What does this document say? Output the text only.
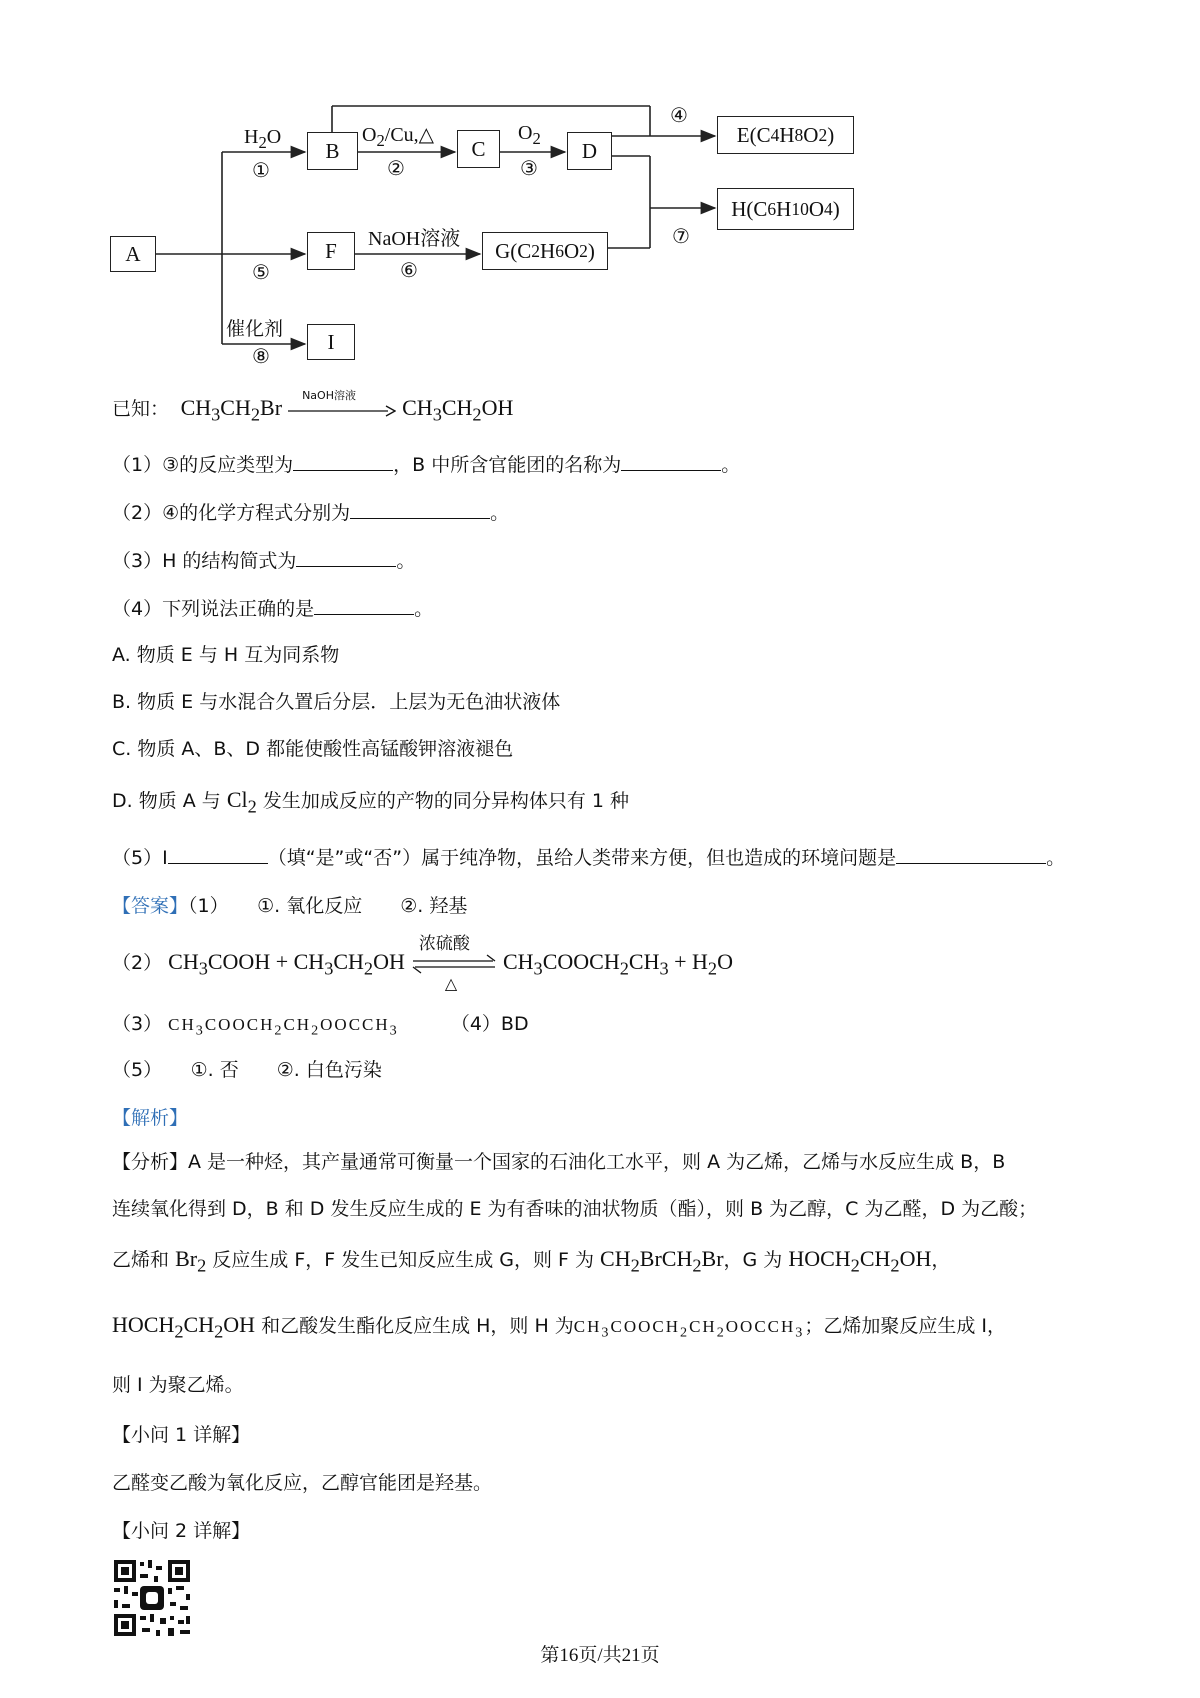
A
B	C	D
E(C 4 H 8 O 2 )
F	G(C 2 H 6 O 2 )
H(C 6 H 10 O 4 )
I
$H_2O$
①
$O_2/Cu,\triangle$
②
$O_2$
③
④
⑤
NaOH溶液
⑥
⑦
催化剂
⑧
已知：  $CH_3CH_2Br$ NaOH溶液 $CH_3CH_2OH$
（1）③的反应类型为	，B 中所含官能团的名称为	。
（2）④的化学方程式分别为	。
（3）H 的结构简式为	。
（4）下列说法正确的是	。
A. 物质 E 与 H 互为同系物
B. 物质 E 与水混合久置后分层．上层为无色油状液体
C. 物质 A、B、D 都能使酸性高锰酸钾溶液褪色
D. 物质 A 与 $Cl_2$ 发生加成反应的产物的同分异构体只有 1 种
（5）I	（填“是”或“否”）属于纯净物，虽给人类带来方便，但也造成的环境问题是	。
【答案】（1）　　①. 氧化反应　　②. 羟基
（2） $CH_3COOH + CH_3CH_2OH$
浓硫酸
△
$CH_3COOCH_2CH_3 + H_2O$
（3） $CH_3COOCH_2CH_2OOCCH_3$	（4）BD
（5）　　①. 否　　②. 白色污染
【解析】
【分析】A 是一种烃，其产量通常可衡量一个国家的石油化工水平，则 A 为乙烯，乙烯与水反应生成 B，B
连续氧化得到 D，B 和 D 发生反应生成的 E 为有香味的油状物质（酯），则 B 为乙醇，C 为乙醛，D 为乙酸；
乙烯和 $Br_2$ 反应生成 F，F 发生已知反应生成 G，则 F 为 $CH_2BrCH_2Br$，G 为 $HOCH_2CH_2OH$，
$HOCH_2CH_2OH$ 和乙酸发生酯化反应生成 H，则 H 为$CH_3COOCH_2CH_2OOCCH_3$；乙烯加聚反应生成 I，
则 I 为聚乙烯。
【小问 1 详解】
乙醛变乙酸为氧化反应，乙醇官能团是羟基。
【小问 2 详解】
第16页/共21页
